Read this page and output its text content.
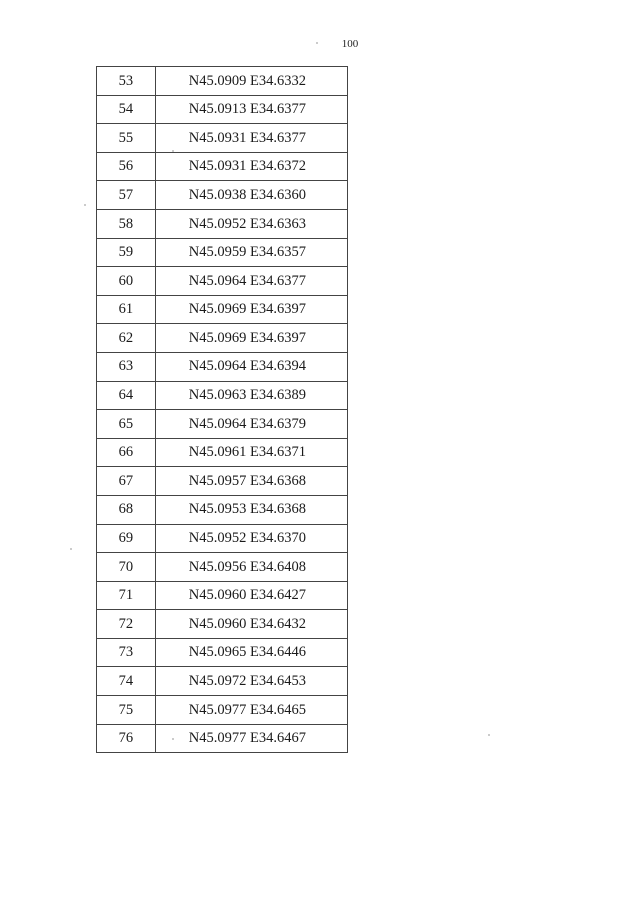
100
53	N45.0909 E34.6332
54	N45.0913 E34.6377
55	N45.0931 E34.6377
56	N45.0931 E34.6372
57	N45.0938 E34.6360
58	N45.0952 E34.6363
59	N45.0959 E34.6357
60	N45.0964 E34.6377
61	N45.0969 E34.6397
62	N45.0969 E34.6397
63	N45.0964 E34.6394
64	N45.0963 E34.6389
65	N45.0964 E34.6379
66	N45.0961 E34.6371
67	N45.0957 E34.6368
68	N45.0953 E34.6368
69	N45.0952 E34.6370
70	N45.0956 E34.6408
71	N45.0960 E34.6427
72	N45.0960 E34.6432
73	N45.0965 E34.6446
74	N45.0972 E34.6453
75	N45.0977 E34.6465
76	N45.0977 E34.6467
